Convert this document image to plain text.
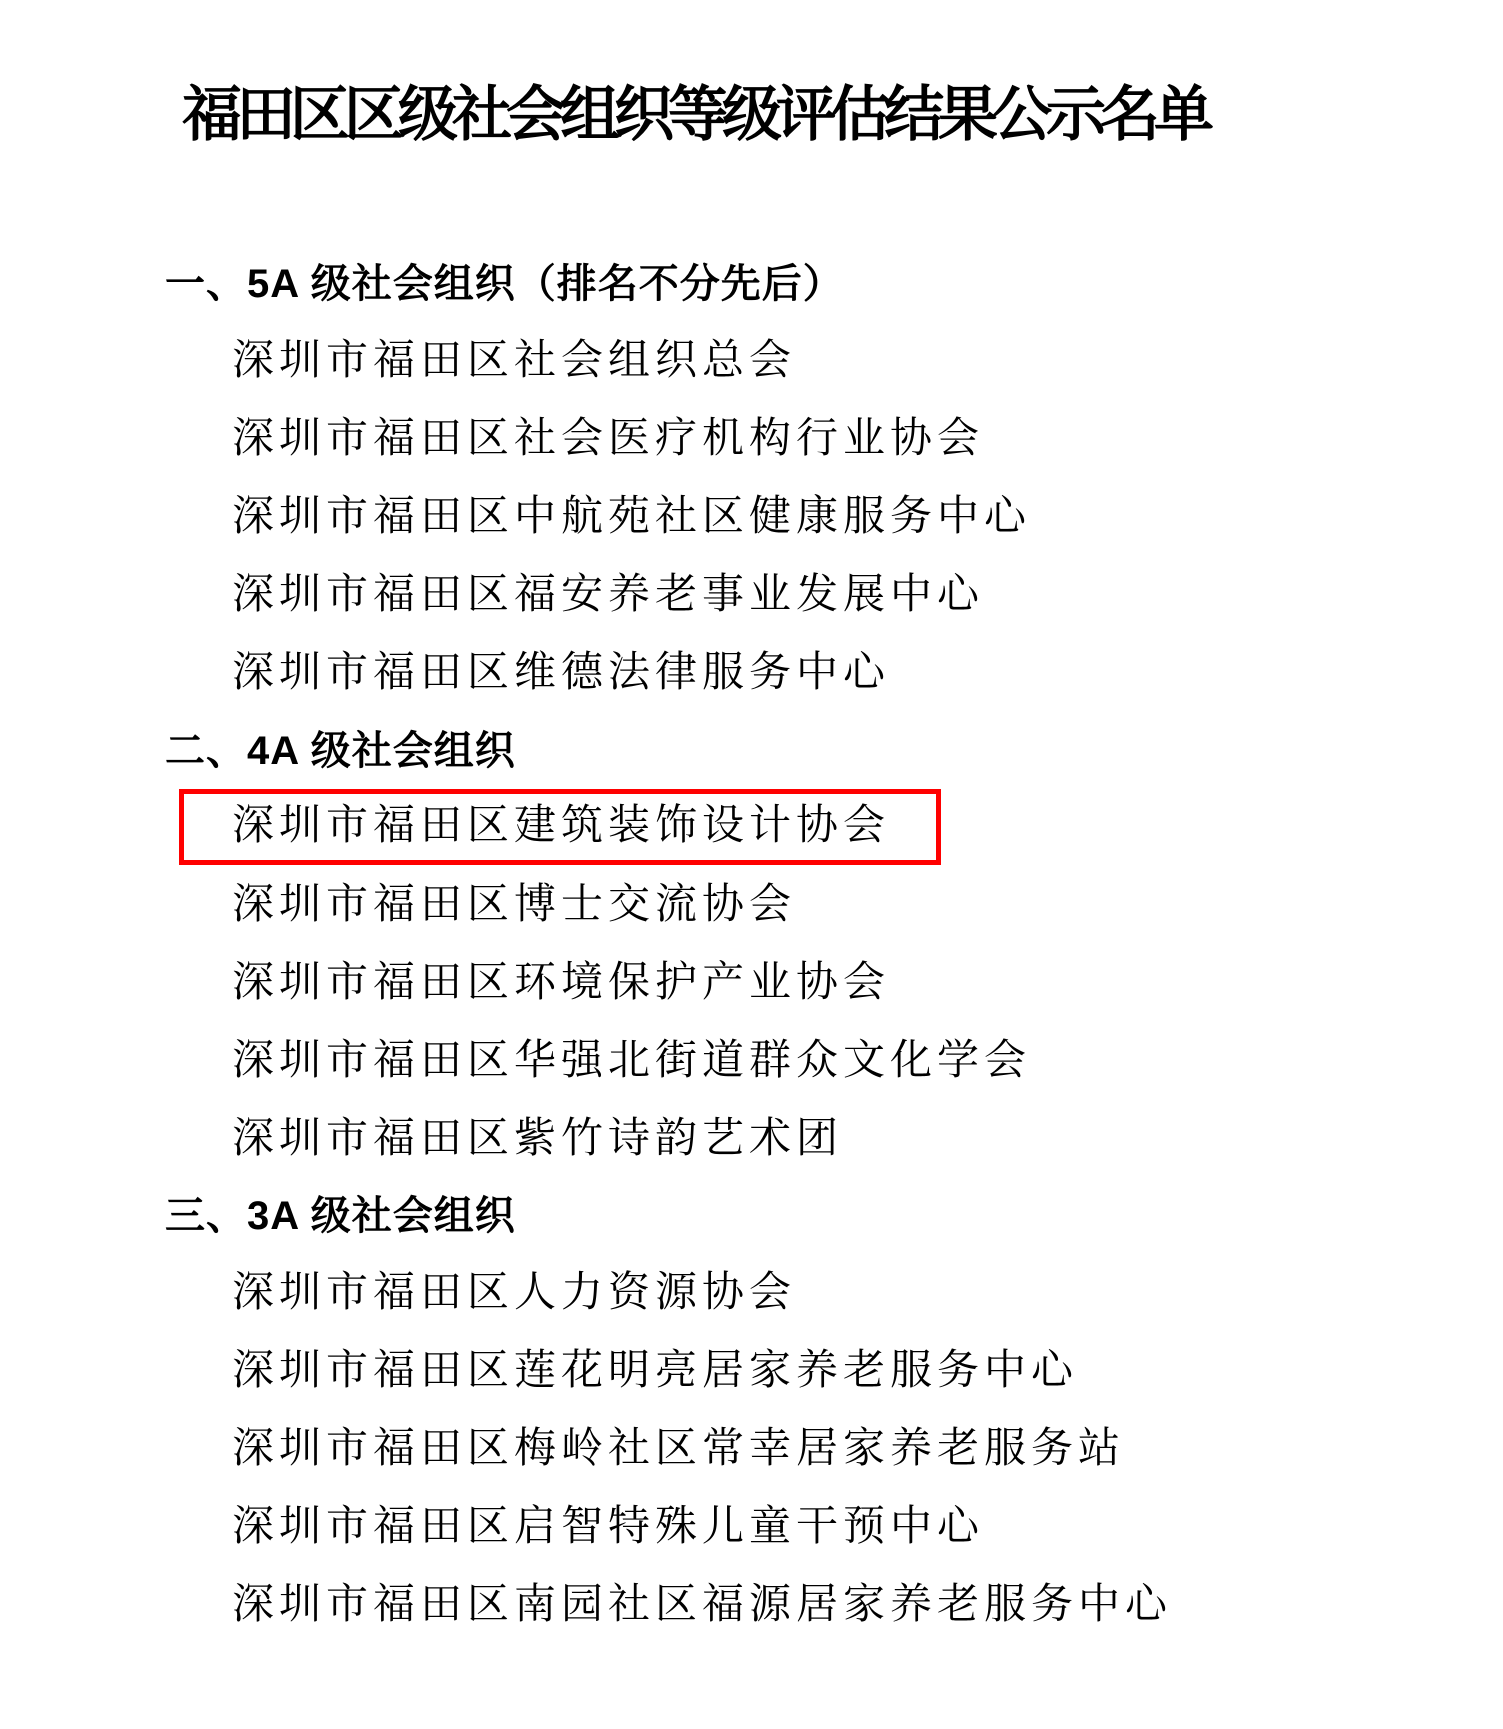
福田区区级社会组织等级评估结果公示名单
一、5A 级社会组织（排名不分先后）
深圳市福田区社会组织总会
深圳市福田区社会医疗机构行业协会
深圳市福田区中航苑社区健康服务中心
深圳市福田区福安养老事业发展中心
深圳市福田区维德法律服务中心
二、4A 级社会组织
深圳市福田区建筑装饰设计协会
深圳市福田区博士交流协会
深圳市福田区环境保护产业协会
深圳市福田区华强北街道群众文化学会
深圳市福田区紫竹诗韵艺术团
三、3A 级社会组织
深圳市福田区人力资源协会
深圳市福田区莲花明亮居家养老服务中心
深圳市福田区梅岭社区常幸居家养老服务站
深圳市福田区启智特殊儿童干预中心
深圳市福田区南园社区福源居家养老服务中心
